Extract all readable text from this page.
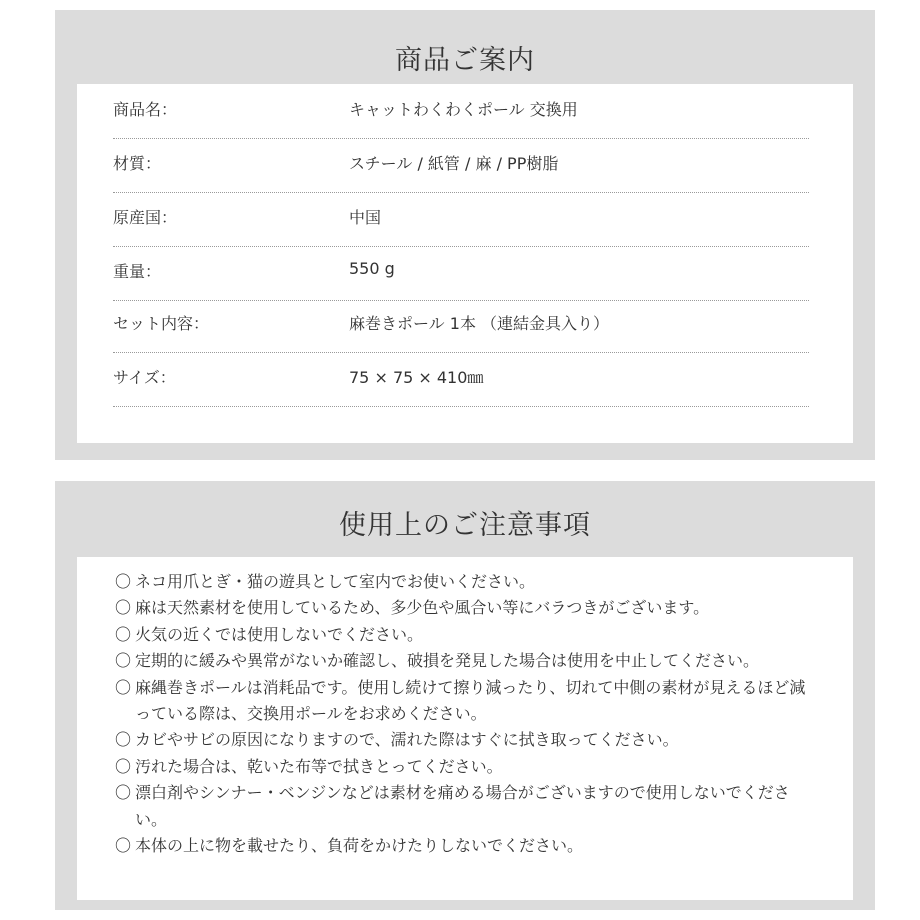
商品ご案内
商品名：	キャットわくわくポール 交換用
材質：	スチール / 紙管 / 麻 / PP樹脂
原産国：	中国
重量：	550 g
セット内容：	麻巻きポール 1本 （連結金具入り）
サイズ：	75 × 75 × 410㎜
使用上のご注意事項
〇 ネコ用爪とぎ・猫の遊具として室内でお使いください。
〇 麻は天然素材を使用しているため、多少色や風合い等にバラつきがございます。
〇 火気の近くでは使用しないでください。
〇 定期的に緩みや異常がないか確認し、破損を発見した場合は使用を中止してください。
〇 麻縄巻きポールは消耗品です。使用し続けて擦り減ったり、切れて中側の素材が見えるほど減っている際は、交換用ポールをお求めください。
〇 カビやサビの原因になりますので、濡れた際はすぐに拭き取ってください。
〇 汚れた場合は、乾いた布等で拭きとってください。
〇 漂白剤やシンナー・ベンジンなどは素材を痛める場合がございますので使用しないでください。
〇 本体の上に物を載せたり、負荷をかけたりしないでください。
